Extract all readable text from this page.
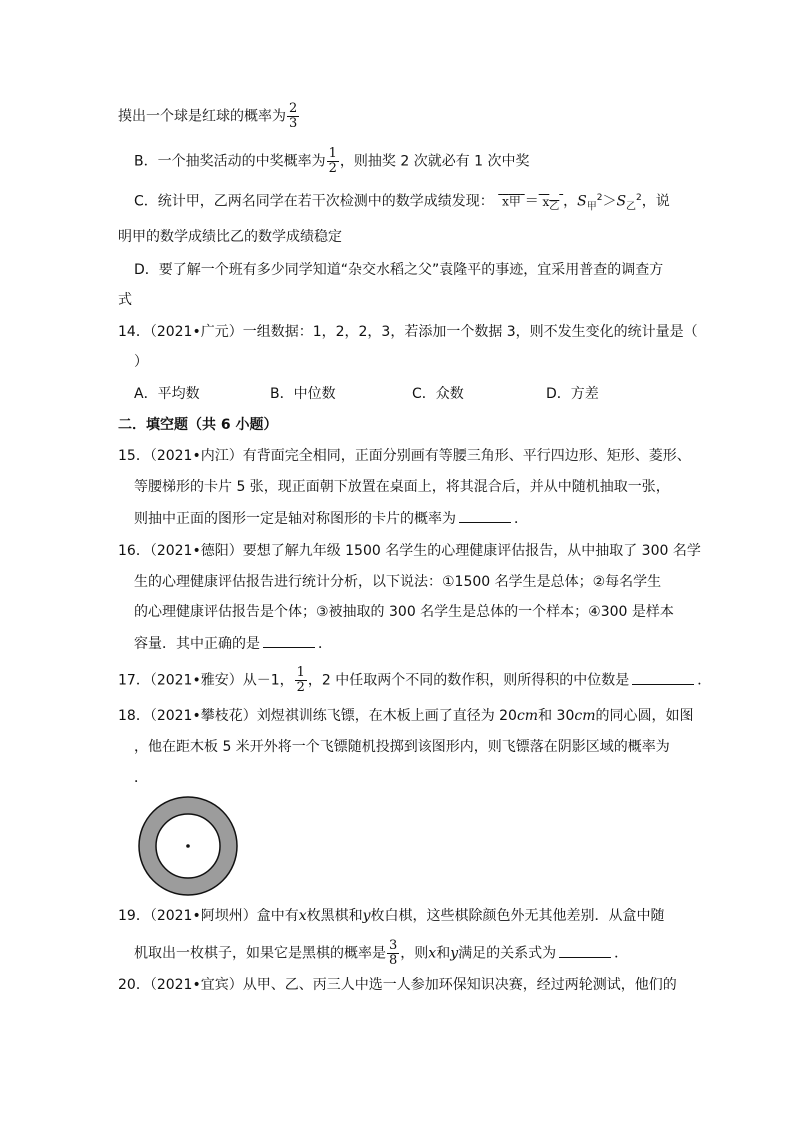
摸出一个球是红球的概率为 $\frac{2}{3}$
B．一个抽奖活动的中奖概率为 $\frac{1}{2}$ ，则抽奖 2 次就必有 1 次中奖
C．统计甲，乙两名同学在若干次检测中的数学成绩发现： x甲 ＝ $x_乙$ ，$S_甲^2>S_乙^2$，说
明甲的数学成绩比乙的数学成绩稳定
D．要了解一个班有多少同学知道“杂交水稻之父”袁隆平的事迹，宜采用普查的调查方
式
14．（2021•广元）一组数据：1，2，2，3，若添加一个数据 3，则不发生变化的统计量是（
）
A．平均数	B．中位数	C．众数	D．方差
二．填空题（共 6 小题）
15．（2021•内江）有背面完全相同，正面分别画有等腰三角形、平行四边形、矩形、菱形、
等腰梯形的卡片 5 张，现正面朝下放置在桌面上，将其混合后，并从中随机抽取一张，
则抽中正面的图形一定是轴对称图形的卡片的概率为	．
16．（2021•德阳）要想了解九年级 1500 名学生的心理健康评估报告，从中抽取了 300 名学
生的心理健康评估报告进行统计分析，以下说法：①1500 名学生是总体；②每名学生
的心理健康评估报告是个体；③被抽取的 300 名学生是总体的一个样本；④300 是样本
容量．其中正确的是	．
17．（2021•雅安）从－1， $\frac{1}{2}$ ，2 中任取两个不同的数作积，则所得积的中位数是	．
18．（2021•攀枝花）刘煜祺训练飞镖，在木板上画了直径为 20cm和 30cm的同心圆，如图
，他在距木板 5 米开外将一个飞镖随机投掷到该图形内，则飞镖落在阴影区域的概率为
．
19．（2021•阿坝州）盒中有x枚黑棋和y枚白棋，这些棋除颜色外无其他差别．从盒中随
机取出一枚棋子，如果它是黑棋的概率是 $\frac{3}{8}$ ，则x和y满足的关系式为	．
20．（2021•宜宾）从甲、乙、丙三人中选一人参加环保知识决赛，经过两轮测试，他们的
